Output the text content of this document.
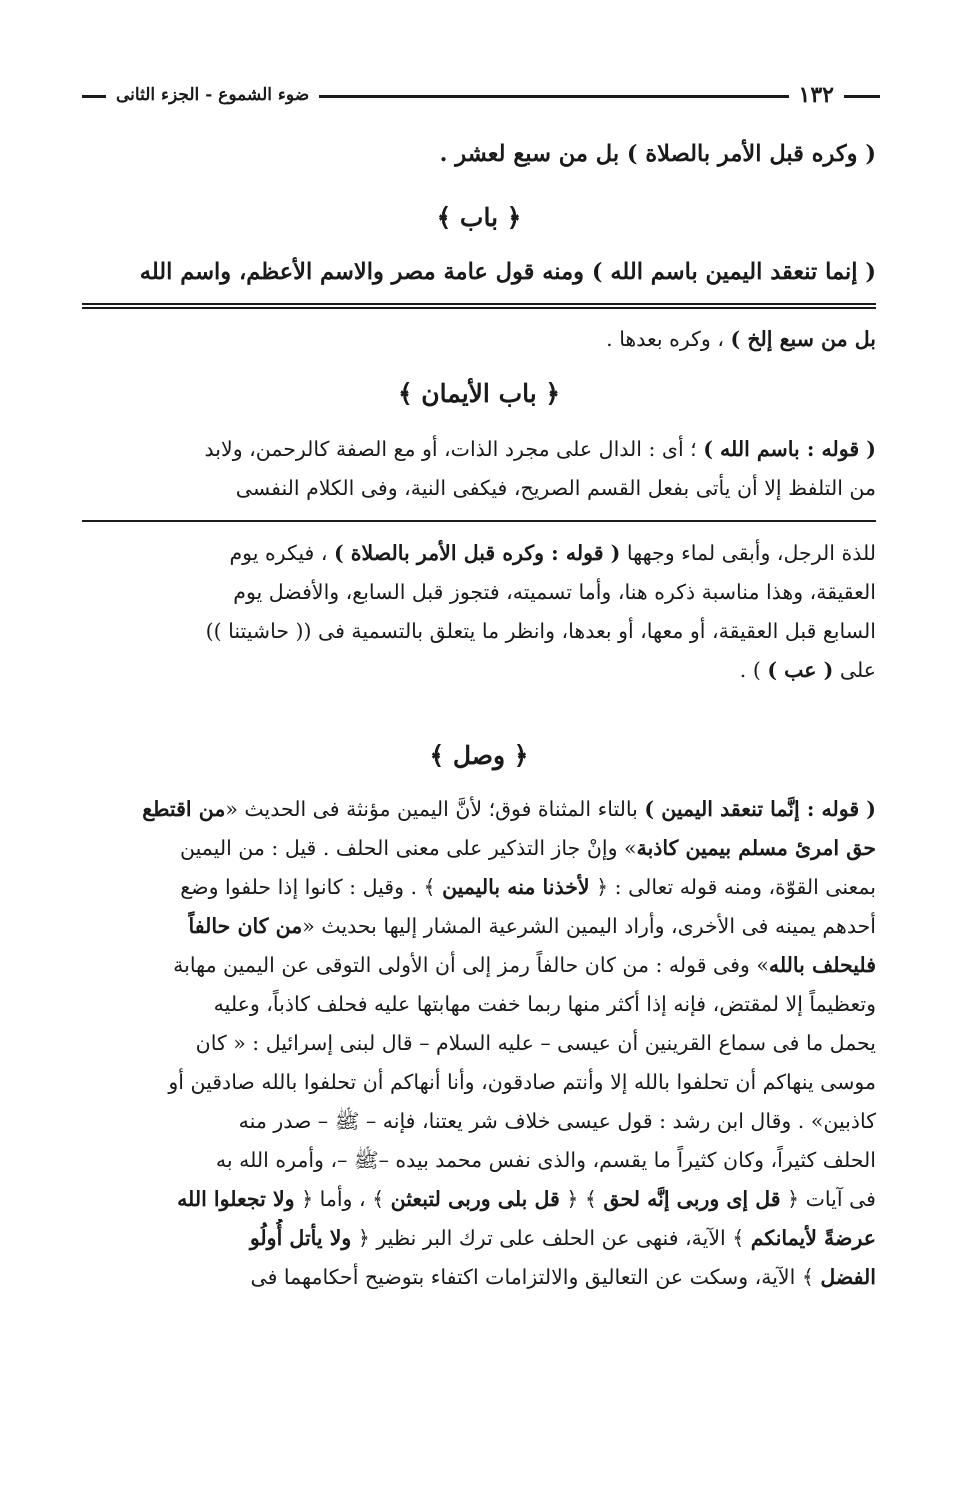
١٣٢
ضوء الشموع - الجزء الثانى
( وكره قبل الأمر بالصلاة ) بل من سبع لعشر .
﴿ باب ﴾
( إنما تنعقد اليمين باسم الله ) ومنه قول عامة مصر والاسم الأعظم، واسم الله
بل من سبع إلخ ) ، وكره بعدها .
﴿ باب الأيمان ﴾
( قوله : باسم الله ) ؛ أى : الدال على مجرد الذات، أو مع الصفة كالرحمن، ولابد
من التلفظ إلا أن يأتى بفعل القسم الصريح، فيكفى النية، وفى الكلام النفسى
للذة الرجل، وأبقى لماء وجهها ( قوله : وكره قبل الأمر بالصلاة ) ، فيكره يوم
العقيقة، وهذا مناسبة ذكره هنا، وأما تسميته، فتجوز قبل السابع، والأفضل يوم
السابع قبل العقيقة، أو معها، أو بعدها، وانظر ما يتعلق بالتسمية فى (( حاشيتنا ))
على ( عب ) ) .
﴿ وصل ﴾
( قوله : إنَّما تنعقد اليمين ) بالتاء المثناة فوق؛ لأنَّ اليمين مؤنثة فى الحديث «من اقتطع
حق امرئ مسلم بيمين كاذبة» وإنْ جاز التذكير على معنى الحلف . قيل : من اليمين
بمعنى القوّة، ومنه قوله تعالى : ﴿ لأخذنا منه باليمين ﴾ . وقيل : كانوا إذا حلفوا وضع
أحدهم يمينه فى الأخرى، وأراد اليمين الشرعية المشار إليها بحديث «من كان حالفاً
فليحلف بالله» وفى قوله : من كان حالفاً رمز إلى أن الأولى التوقى عن اليمين مهابة
وتعظيماً إلا لمقتض، فإنه إذا أكثر منها ربما خفت مهابتها عليه فحلف كاذباً، وعليه
يحمل ما فى سماع القرينين أن عيسى – عليه السلام – قال لبنى إسرائيل : « كان
موسى ينهاكم أن تحلفوا بالله إلا وأنتم صادقون، وأنا أنهاكم أن تحلفوا بالله صادقين أو
كاذبين» . وقال ابن رشد : قول عيسى خلاف شر يعتنا، فإنه – ﷺ – صدر منه
الحلف كثيراً، وكان كثيراً ما يقسم، والذى نفس محمد بيده –ﷺ –، وأمره الله به
فى آيات ﴿ قل إى وربى إنَّه لحق ﴾ ﴿ قل بلى وربى لتبعثن ﴾ ، وأما ﴿ ولا تجعلوا الله
عرضةً لأيمانكم ﴾ الآية، فنهى عن الحلف على ترك البر نظير ﴿ ولا يأتل أُولُو
الفضل ﴾ الآية، وسكت عن التعاليق والالتزامات اكتفاء بتوضيح أحكامهما فى
